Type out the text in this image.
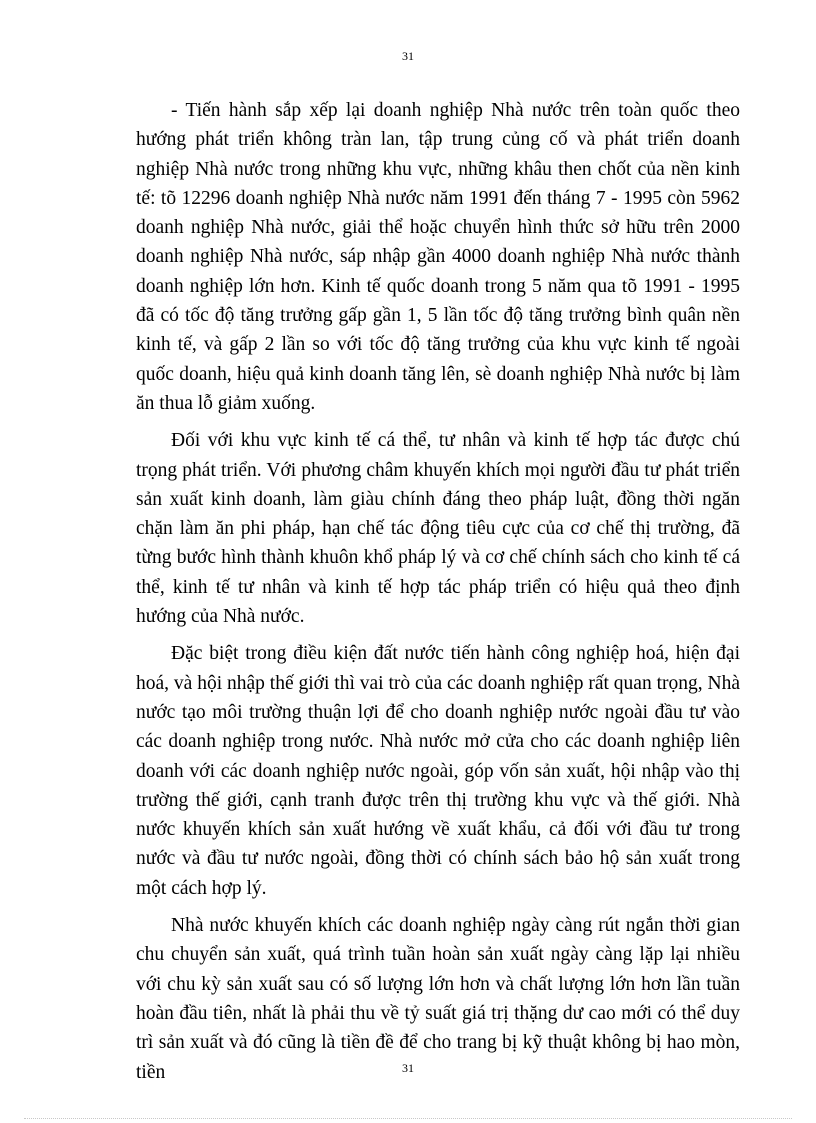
31

- Tiến hành sắp xếp lại doanh nghiệp Nhà nước trên toàn quốc theo hướng phát triển không tràn lan, tập trung củng cố và phát triển doanh nghiệp Nhà nước trong những khu vực, những khâu then chốt của nền kinh tế: tõ 12296 doanh nghiệp Nhà nước năm 1991 đến tháng 7 - 1995 còn 5962 doanh nghiệp Nhà nước, giải thể hoặc chuyển hình thức sở hữu trên 2000 doanh nghiệp Nhà nước, sáp nhập gần 4000 doanh nghiệp Nhà nước thành doanh nghiệp lớn hơn. Kinh tế quốc doanh trong 5 năm qua tõ 1991 - 1995 đã có tốc độ tăng trưởng gấp gần 1, 5 lần tốc độ tăng trưởng bình quân nền kinh tế, và gấp 2 lần so với tốc độ tăng trưởng của khu vực kinh tế ngoài quốc doanh, hiệu quả kinh doanh tăng lên, sè doanh nghiệp Nhà nước bị làm ăn thua lỗ giảm xuống.

Đối với khu vực kinh tế cá thể, tư nhân và kinh tế hợp tác được chú trọng phát triển. Với phương châm khuyến khích mọi người đầu tư phát triển sản xuất kinh doanh, làm giàu chính đáng theo pháp luật, đồng thời ngăn chặn làm ăn phi pháp, hạn chế tác động tiêu cực của cơ chế thị trường, đã từng bước hình thành khuôn khổ pháp lý và cơ chế chính sách cho kinh tế cá thể, kinh tế tư nhân và kinh tế hợp tác pháp triển có hiệu quả theo định hướng của Nhà nước.

Đặc biệt trong điều kiện đất nước tiến hành công nghiệp hoá, hiện đại hoá, và hội nhập thế giới thì vai trò của các doanh nghiệp rất quan trọng, Nhà nước tạo môi trường thuận lợi để cho doanh nghiệp nước ngoài đầu tư vào các doanh nghiệp trong nước. Nhà nước mở cửa cho các doanh nghiệp liên doanh với các doanh nghiệp nước ngoài, góp vốn sản xuất, hội nhập vào thị trường thế giới, cạnh tranh được trên thị trường khu vực và thế giới. Nhà nước khuyến khích sản xuất hướng về xuất khẩu, cả đối với đầu tư trong nước và đầu tư nước ngoài, đồng thời có chính sách bảo hộ sản xuất trong một cách hợp lý.

Nhà nước khuyến khích các doanh nghiệp ngày càng rút ngắn thời gian chu chuyển sản xuất, quá trình tuần hoàn sản xuất ngày càng lặp lại nhiều với chu kỳ sản xuất sau có số lượng lớn hơn và chất lượng lớn hơn lần tuần hoàn đầu tiên, nhất là phải thu về tỷ suất giá trị thặng dư cao mới có thể duy trì sản xuất và đó cũng là tiền đề để cho trang bị kỹ thuật không bị hao mòn, tiền	31
